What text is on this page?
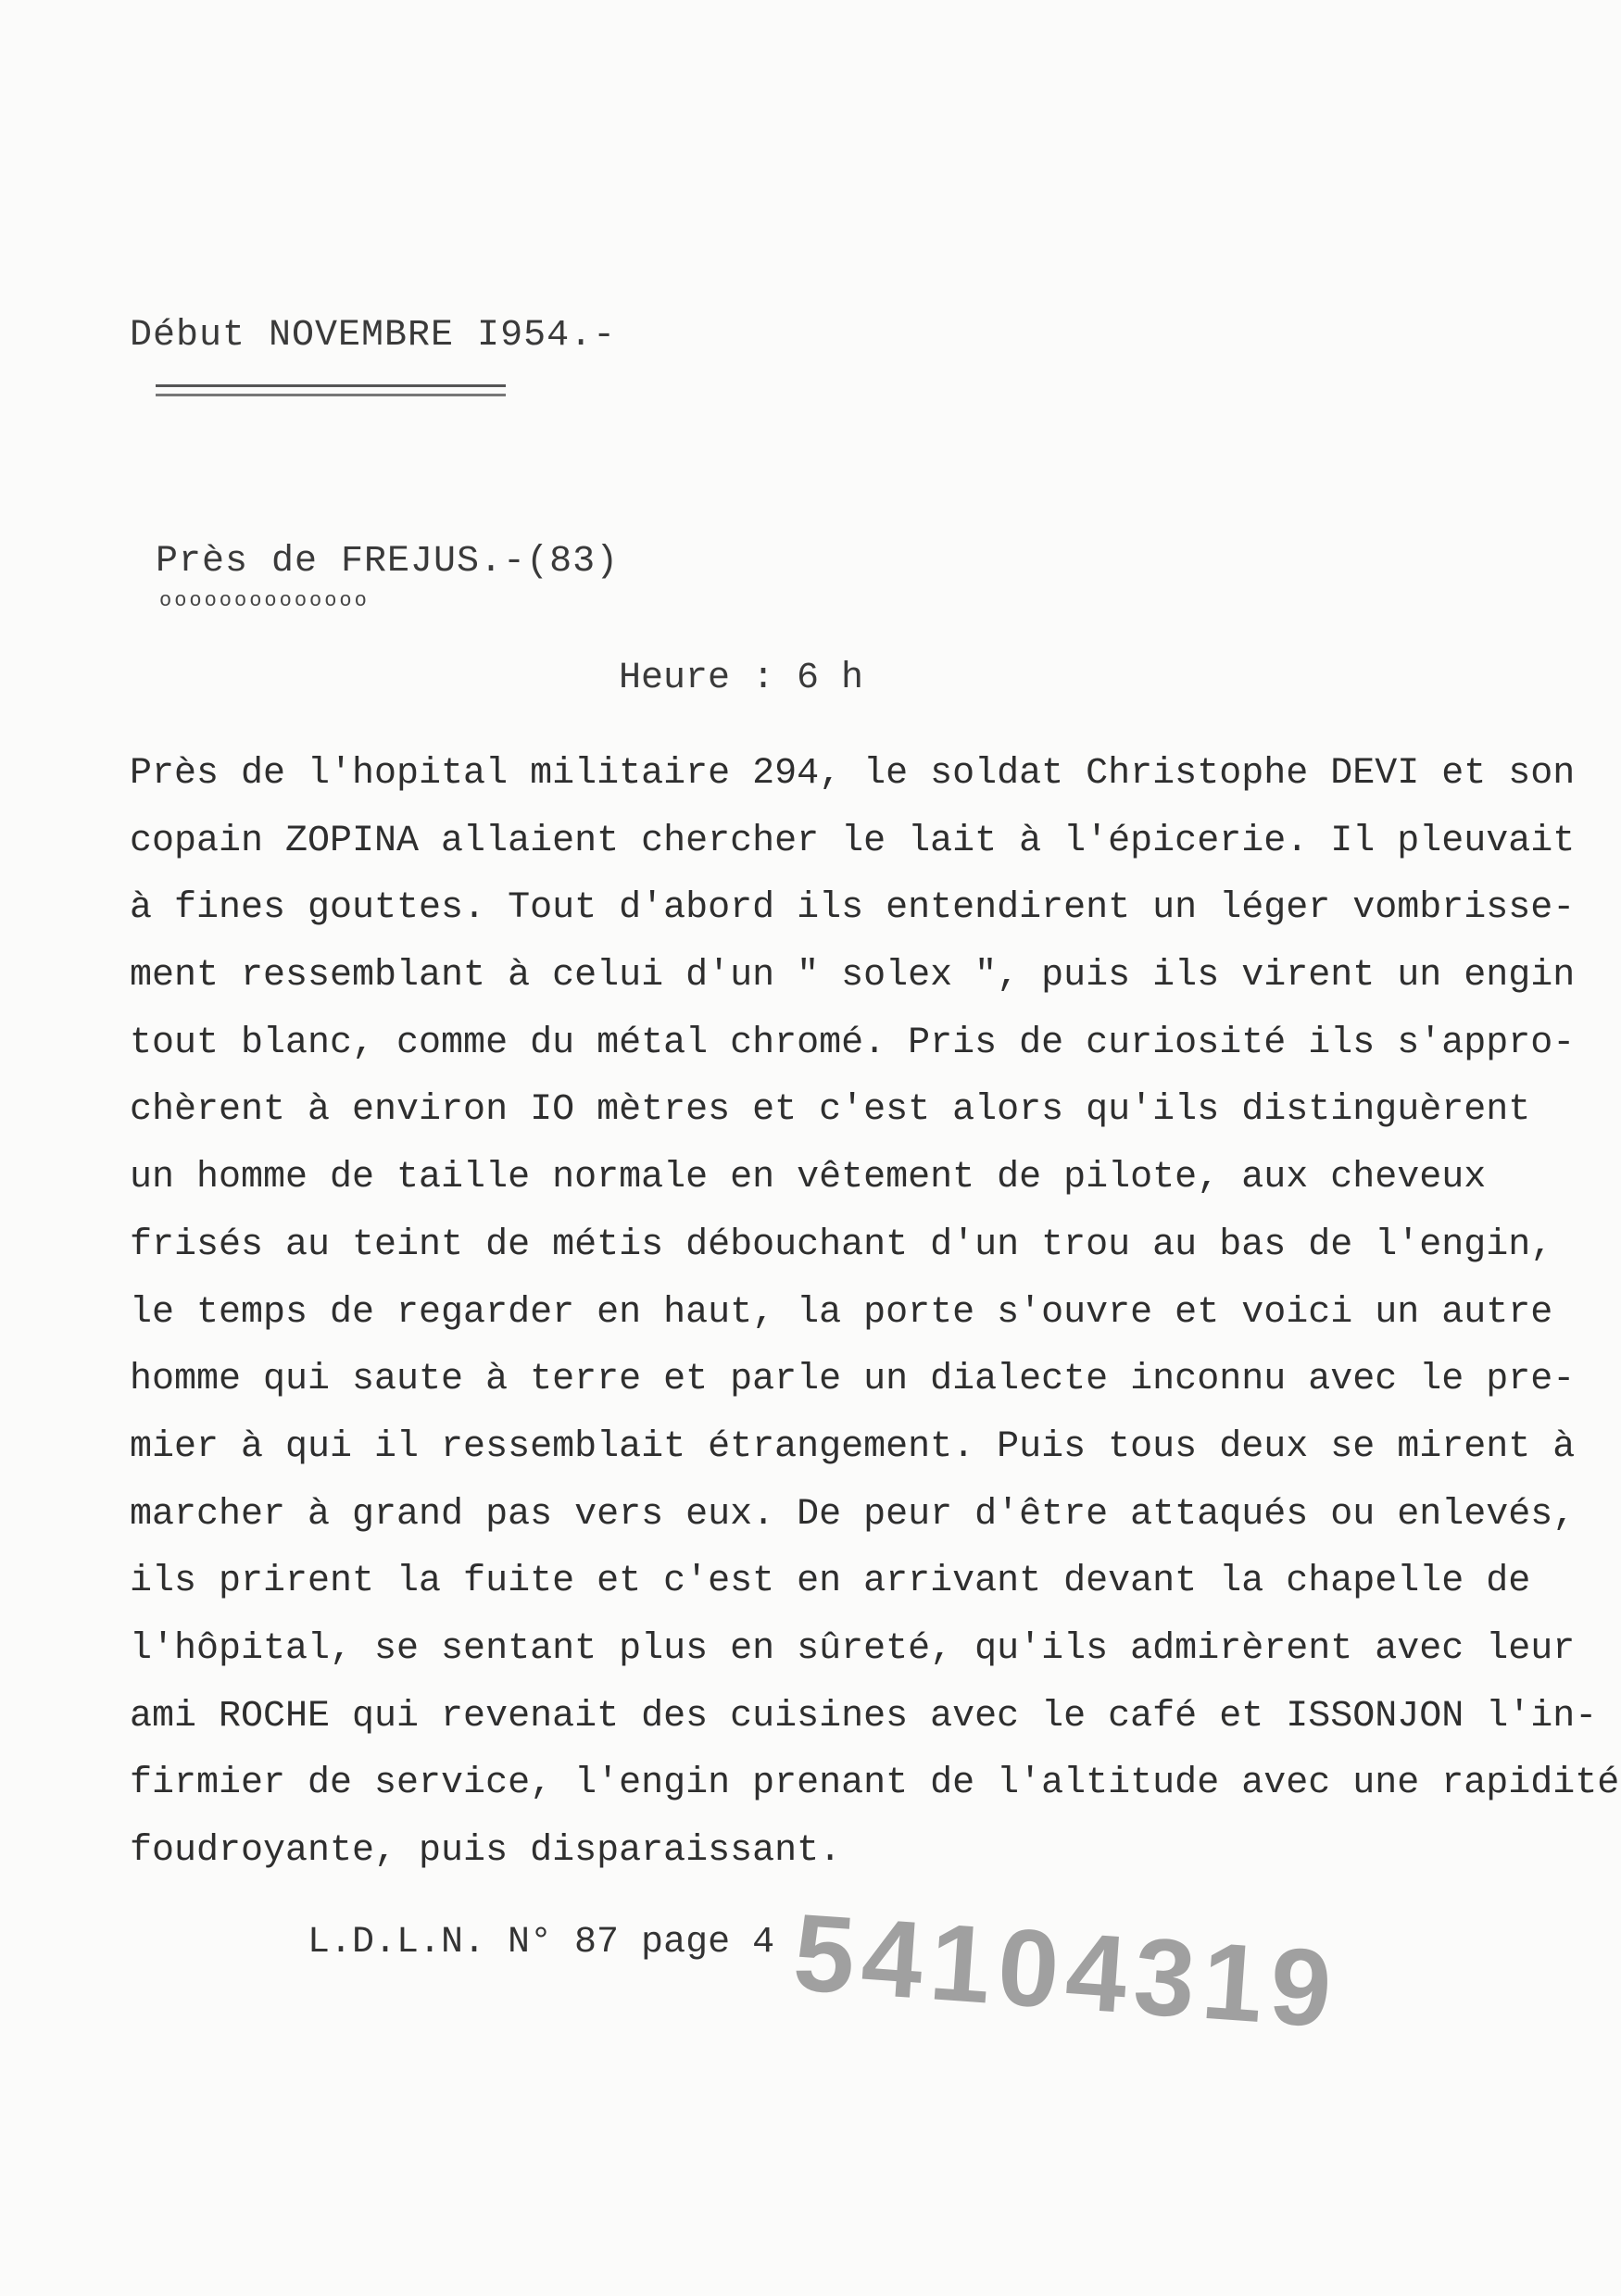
Début NOVEMBRE I954.-
Près de FREJUS.-(83)
oooooooooooooo
Heure : 6 h
Près de l'hopital militaire 294, le soldat Christophe DEVI et son
copain ZOPINA allaient chercher le lait à l'épicerie. Il pleuvait
à fines gouttes. Tout d'abord ils entendirent un léger vombrisse-
ment ressemblant à celui d'un " solex ", puis ils virent un engin
tout blanc, comme du métal chromé. Pris de curiosité ils s'appro-
chèrent à environ IO mètres et c'est alors qu'ils distinguèrent
un homme de taille normale en vêtement de pilote, aux cheveux
frisés au teint de métis débouchant d'un trou au bas de l'engin,
le temps de regarder en haut, la porte s'ouvre et voici un autre
homme qui saute à terre et parle un dialecte inconnu avec le pre-
mier à qui il ressemblait étrangement. Puis tous deux se mirent à
marcher à grand pas vers eux. De peur d'être attaqués ou enlevés,
ils prirent la fuite et c'est en arrivant devant la chapelle de
l'hôpital, se sentant plus en sûreté, qu'ils admirèrent avec leur
ami ROCHE qui revenait des cuisines avec le café et ISSONJON l'in-
firmier de service, l'engin prenant de l'altitude avec une rapidité
foudroyante, puis disparaissant.
L.D.L.N. N° 87 page 4 54104319
